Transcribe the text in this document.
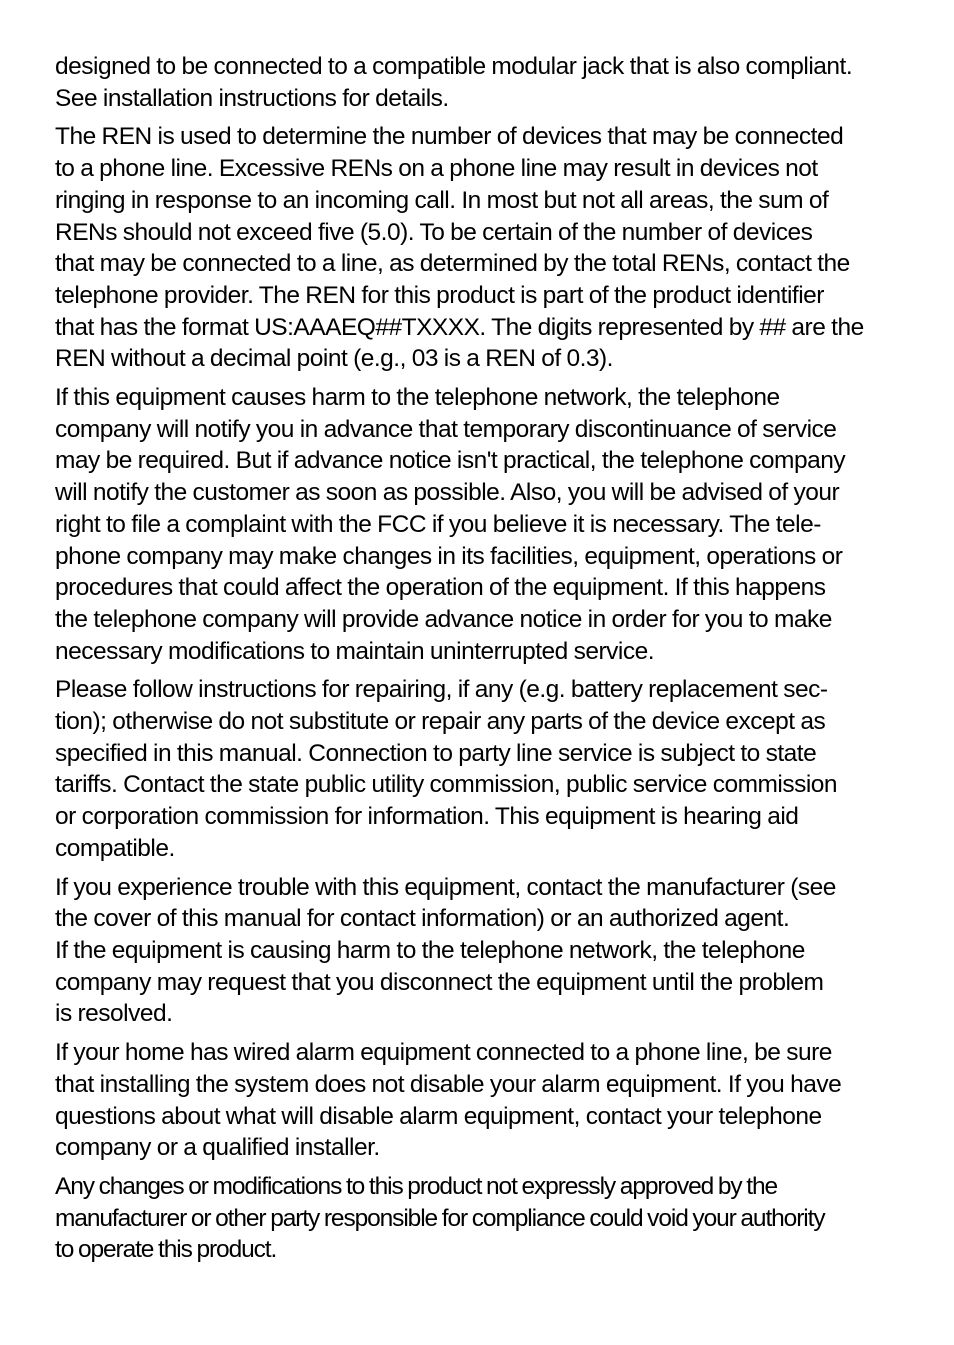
designed to be connected to a compatible modular jack that is also compliant.
See installation instructions for details.

The REN is used to determine the number of devices that may be connected
to a phone line. Excessive RENs on a phone line may result in devices not
ringing in response to an incoming call. In most but not all areas, the sum of
RENs should not exceed five (5.0). To be certain of the number of devices
that may be connected to a line, as determined by the total RENs, contact the
telephone provider. The REN for this product is part of the product identifier
that has the format US:AAAEQ##TXXXX. The digits represented by ## are the
REN without a decimal point (e.g., 03 is a REN of 0.3).

If this equipment causes harm to the telephone network, the telephone
company will notify you in advance that temporary discontinuance of service
may be required. But if advance notice isn't practical, the telephone company
will notify the customer as soon as possible. Also, you will be advised of your
right to file a complaint with the FCC if you believe it is necessary. The tele-
phone company may make changes in its facilities, equipment, operations or
procedures that could affect the operation of the equipment. If this happens
the telephone company will provide advance notice in order for you to make
necessary modifications to maintain uninterrupted service.

Please follow instructions for repairing, if any (e.g. battery replacement sec-
tion); otherwise do not substitute or repair any parts of the device except as
specified in this manual. Connection to party line service is subject to state
tariffs. Contact the state public utility commission, public service commission
or corporation commission for information. This equipment is hearing aid
compatible.

If you experience trouble with this equipment, contact the manufacturer (see
the cover of this manual for contact information) or an authorized agent.
If the equipment is causing harm to the telephone network, the telephone
company may request that you disconnect the equipment until the problem
is resolved.

If your home has wired alarm equipment connected to a phone line, be sure
that installing the system does not disable your alarm equipment. If you have
questions about what will disable alarm equipment, contact your telephone
company or a qualified installer.

Any changes or modifications to this product not expressly approved by the
manufacturer or other party responsible for compliance could void your authority
to operate this product.
